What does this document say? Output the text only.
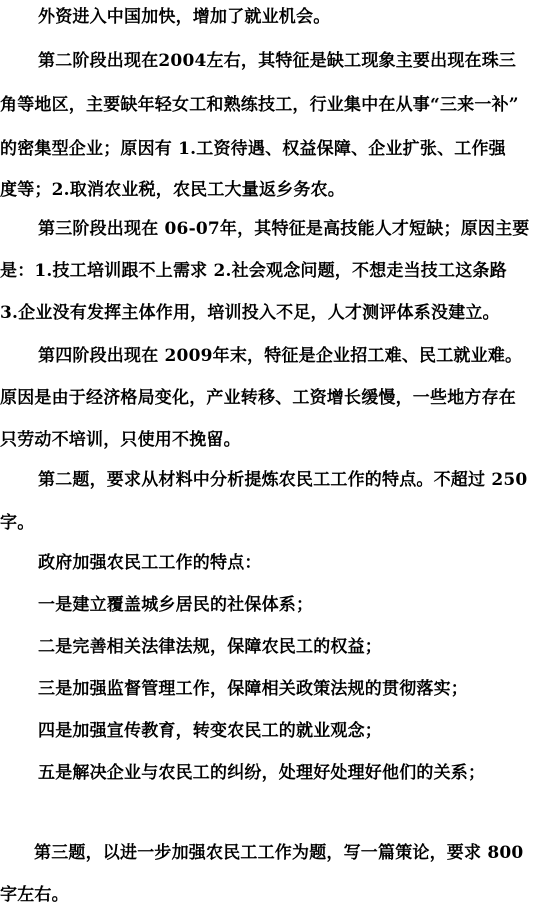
外资进入中国加快，增加了就业机会。
第二阶段出现在2004左右，其特征是缺工现象主要出现在珠三
角等地区，主要缺年轻女工和熟练技工，行业集中在从事“三来一补”
的密集型企业；原因有 1.工资待遇、权益保障、企业扩张、工作强
度等；2.取消农业税，农民工大量返乡务农。
第三阶段出现在 06-07年，其特征是高技能人才短缺；原因主要
是：1.技工培训跟不上需求 2.社会观念问题，不想走当技工这条路
3.企业没有发挥主体作用，培训投入不足，人才测评体系没建立。
第四阶段出现在 2009年末，特征是企业招工难、民工就业难。
原因是由于经济格局变化，产业转移、工资增长缓慢，一些地方存在
只劳动不培训，只使用不挽留。
第二题，要求从材料中分析提炼农民工工作的特点。不超过 250
字。
政府加强农民工工作的特点：
一是建立覆盖城乡居民的社保体系；
二是完善相关法律法规，保障农民工的权益；
三是加强监督管理工作，保障相关政策法规的贯彻落实；
四是加强宣传教育，转变农民工的就业观念；
五是解决企业与农民工的纠纷，处理好处理好他们的关系；
第三题，以进一步加强农民工工作为题，写一篇策论，要求 800
字左右。
